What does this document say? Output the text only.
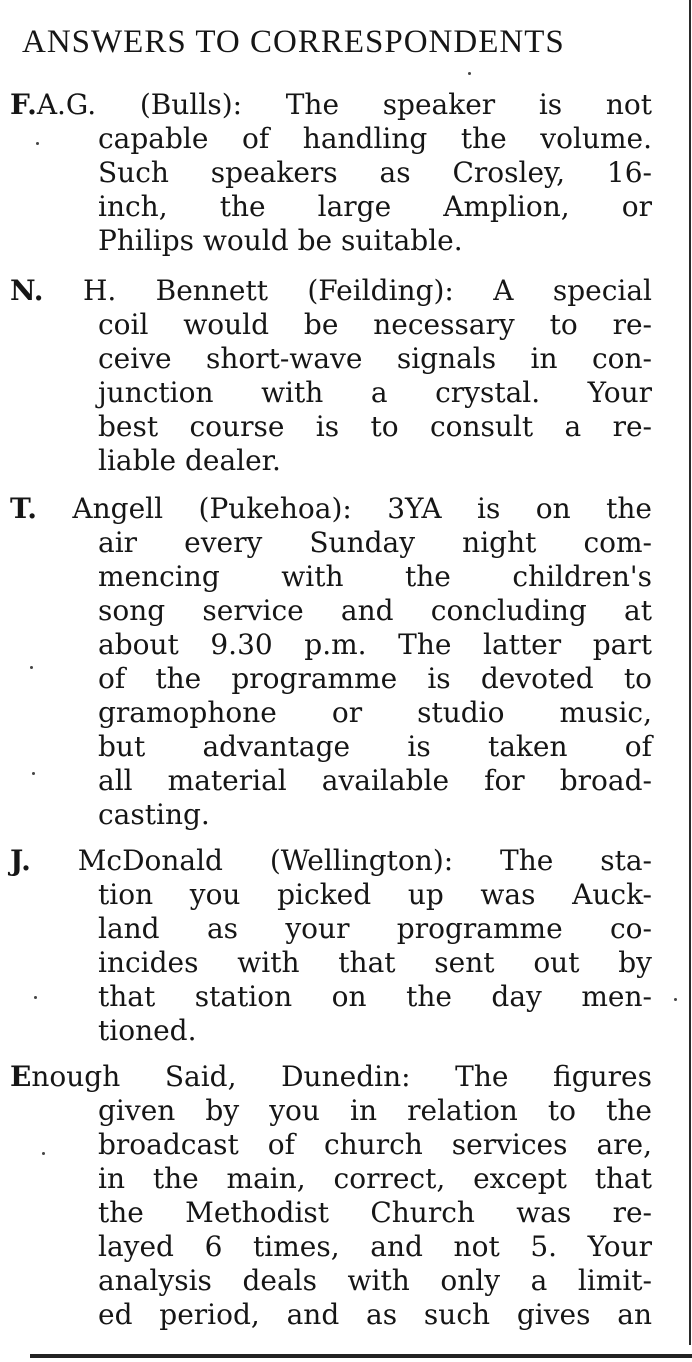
ANSWERS TO CORRESPONDENTS
F.A.G. (Bulls): The speaker is not
capable of handling the volume.
Such speakers as Crosley, 16-
inch, the large Amplion, or
Philips would be suitable.
N. H. Bennett (Feilding): A special
coil would be necessary to re-
ceive short-wave signals in con-
junction with a crystal. Your
best course is to consult a re-
liable dealer.
T. Angell (Pukehoa): 3YA is on the
air every Sunday night com-
mencing with the children's
song service and concluding at
about 9.30 p.m. The latter part
of the programme is devoted to
gramophone or studio music,
but advantage is taken of
all material available for broad-
casting.
J. McDonald (Wellington): The sta-
tion you picked up was Auck-
land as your programme co-
incides with that sent out by
that station on the day men-
tioned.
Enough Said, Dunedin: The figures
given by you in relation to the
broadcast of church services are,
in the main, correct, except that
the Methodist Church was re-
layed 6 times, and not 5. Your
analysis deals with only a limit-
ed period, and as such gives an
